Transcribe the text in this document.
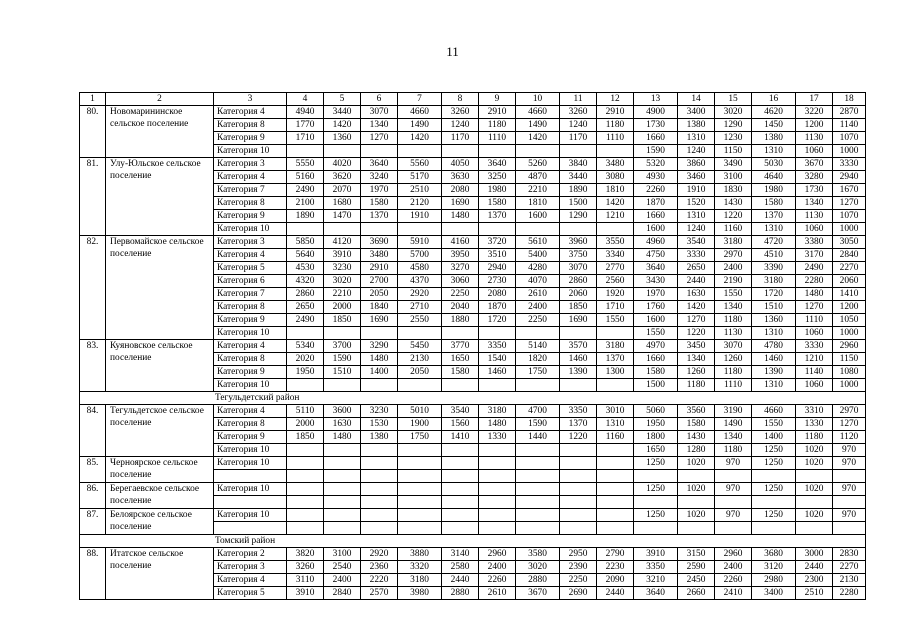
11
1	2	3	4	5	6	7	8	9	10	11	12	13	14	15	16	17	18
80.	Новомарининское сельское поселение	Категория 4	4940	3440	3070	4660	3260	2910	4660	3260	2910	4900	3400	3020	4620	3220	2870
		Категория 8	1770	1420	1340	1490	1240	1180	1490	1240	1180	1730	1380	1290	1450	1200	1140
		Категория 9	1710	1360	1270	1420	1170	1110	1420	1170	1110	1660	1310	1230	1380	1130	1070
		Категория 10										1590	1240	1150	1310	1060	1000
81.	Улу-Юльское сельское поселение	Категория 3	5550	4020	3640	5560	4050	3640	5260	3840	3480	5320	3860	3490	5030	3670	3330
		Категория 4	5160	3620	3240	5170	3630	3250	4870	3440	3080	4930	3460	3100	4640	3280	2940
		Категория 7	2490	2070	1970	2510	2080	1980	2210	1890	1810	2260	1910	1830	1980	1730	1670
		Категория 8	2100	1680	1580	2120	1690	1580	1810	1500	1420	1870	1520	1430	1580	1340	1270
		Категория 9	1890	1470	1370	1910	1480	1370	1600	1290	1210	1660	1310	1220	1370	1130	1070
		Категория 10										1600	1240	1160	1310	1060	1000
82.	Первомайское сельское поселение	Категория 3	5850	4120	3690	5910	4160	3720	5610	3960	3550	4960	3540	3180	4720	3380	3050
		Категория 4	5640	3910	3480	5700	3950	3510	5400	3750	3340	4750	3330	2970	4510	3170	2840
		Категория 5	4530	3230	2910	4580	3270	2940	4280	3070	2770	3640	2650	2400	3390	2490	2270
		Категория 6	4320	3020	2700	4370	3060	2730	4070	2860	2560	3430	2440	2190	3180	2280	2060
		Категория 7	2860	2210	2050	2920	2250	2080	2610	2060	1920	1970	1630	1550	1720	1480	1410
		Категория 8	2650	2000	1840	2710	2040	1870	2400	1850	1710	1760	1420	1340	1510	1270	1200
		Категория 9	2490	1850	1690	2550	1880	1720	2250	1690	1550	1600	1270	1180	1360	1110	1050
		Категория 10										1550	1220	1130	1310	1060	1000
83.	Куяновское сельское поселение	Категория 4	5340	3700	3290	5450	3770	3350	5140	3570	3180	4970	3450	3070	4780	3330	2960
		Категория 8	2020	1590	1480	2130	1650	1540	1820	1460	1370	1660	1340	1260	1460	1210	1150
		Категория 9	1950	1510	1400	2050	1580	1460	1750	1390	1300	1580	1260	1180	1390	1140	1080
		Категория 10										1500	1180	1110	1310	1060	1000
Тегульдетский район																	
84.	Тегульдетское сельское поселение	Категория 4	5110	3600	3230	5010	3540	3180	4700	3350	3010	5060	3560	3190	4660	3310	2970
		Категория 8	2000	1630	1530	1900	1560	1480	1590	1370	1310	1950	1580	1490	1550	1330	1270
		Категория 9	1850	1480	1380	1750	1410	1330	1440	1220	1160	1800	1430	1340	1400	1180	1120
		Категория 10										1650	1280	1180	1250	1020	970
85.	Черноярское сельское поселение	Категория 10										1250	1020	970	1250	1020	970

86.	Берегаевское сельское поселение	Категория 10										1250	1020	970	1250	1020	970

87.	Белоярское сельское поселение	Категория 10										1250	1020	970	1250	1020	970

Томский район																	
88.	Итатское сельское поселение	Категория 2	3820	3100	2920	3880	3140	2960	3580	2950	2790	3910	3150	2960	3680	3000	2830
		Категория 3	3260	2540	2360	3320	2580	2400	3020	2390	2230	3350	2590	2400	3120	2440	2270
		Категория 4	3110	2400	2220	3180	2440	2260	2880	2250	2090	3210	2450	2260	2980	2300	2130
		Категория 5	3910	2840	2570	3980	2880	2610	3670	2690	2440	3640	2660	2410	3400	2510	2280
